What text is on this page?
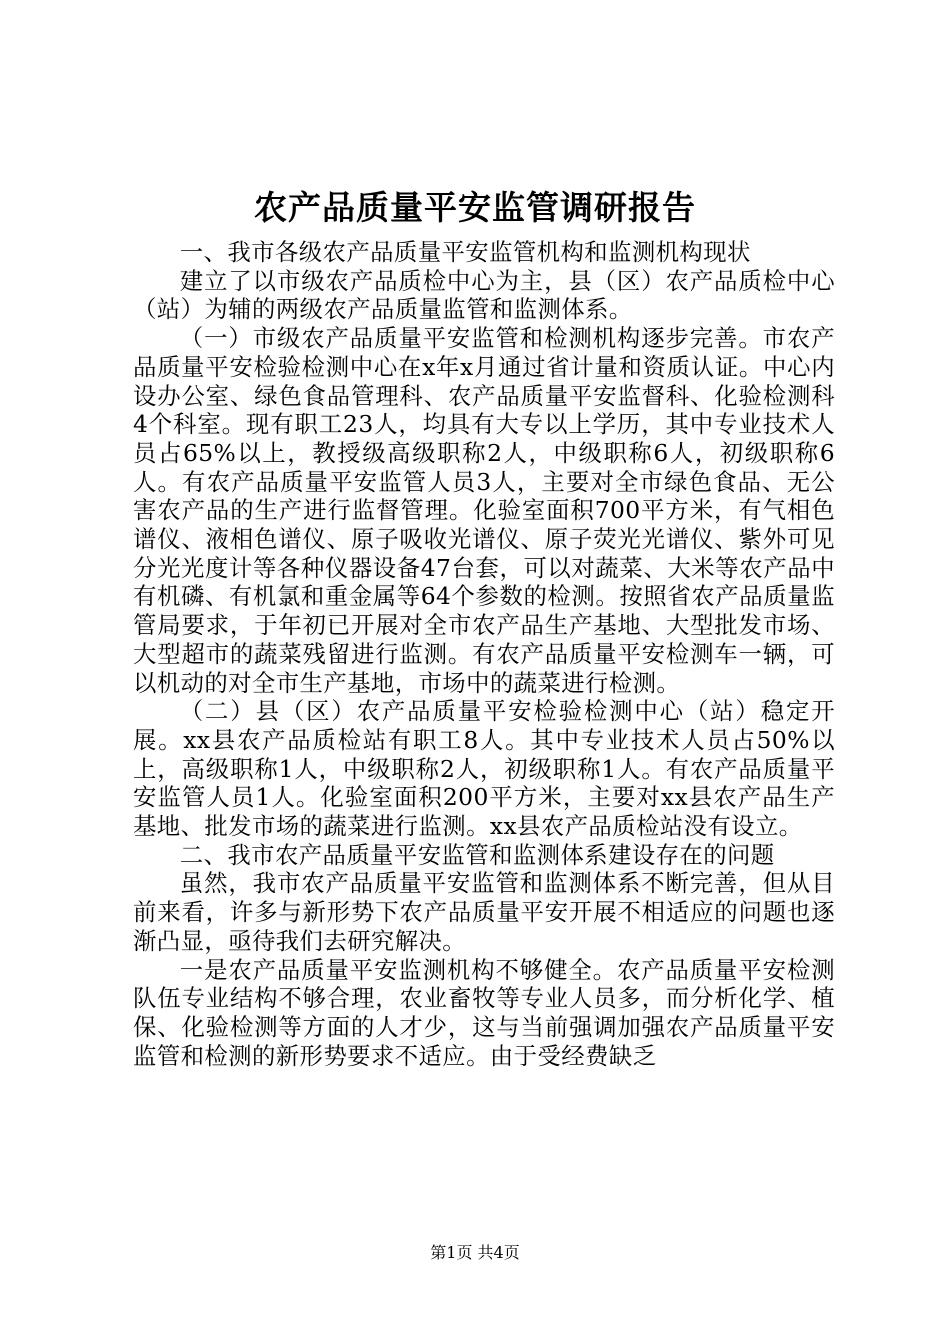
农产品质量平安监管调研报告

一、我市各级农产品质量平安监管机构和监测机构现状

建立了以市级农产品质检中心为主，县（区）农产品质检中心（站）为辅的两级农产品质量监管和监测体系。

（一）市级农产品质量平安监管和检测机构逐步完善。市农产品质量平安检验检测中心在x年x月通过省计量和资质认证。中心内设办公室、绿色食品管理科、农产品质量平安监督科、化验检测科4个科室。现有职工23人，均具有大专以上学历，其中专业技术人员占65%以上，教授级高级职称2人，中级职称6人，初级职称6人。有农产品质量平安监管人员3人，主要对全市绿色食品、无公害农产品的生产进行监督管理。化验室面积700平方米，有气相色谱仪、液相色谱仪、原子吸收光谱仪、原子荧光光谱仪、紫外可见分光光度计等各种仪器设备47台套，可以对蔬菜、大米等农产品中有机磷、有机氯和重金属等64个参数的检测。按照省农产品质量监管局要求，于年初已开展对全市农产品生产基地、大型批发市场、大型超市的蔬菜残留进行监测。有农产品质量平安检测车一辆，可以机动的对全市生产基地，市场中的蔬菜进行检测。

（二）县（区）农产品质量平安检验检测中心（站）稳定开展。xx县农产品质检站有职工8人。其中专业技术人员占50%以上，高级职称1人，中级职称2人，初级职称1人。有农产品质量平安监管人员1人。化验室面积200平方米，主要对xx县农产品生产基地、批发市场的蔬菜进行监测。xx县农产品质检站没有设立。

二、我市农产品质量平安监管和监测体系建设存在的问题

虽然，我市农产品质量平安监管和监测体系不断完善，但从目前来看，许多与新形势下农产品质量平安开展不相适应的问题也逐渐凸显，亟待我们去研究解决。

一是农产品质量平安监测机构不够健全。农产品质量平安检测队伍专业结构不够合理，农业畜牧等专业人员多，而分析化学、植保、化验检测等方面的人才少，这与当前强调加强农产品质量平安监管和检测的新形势要求不适应。由于受经费缺乏

第1页 共4页
